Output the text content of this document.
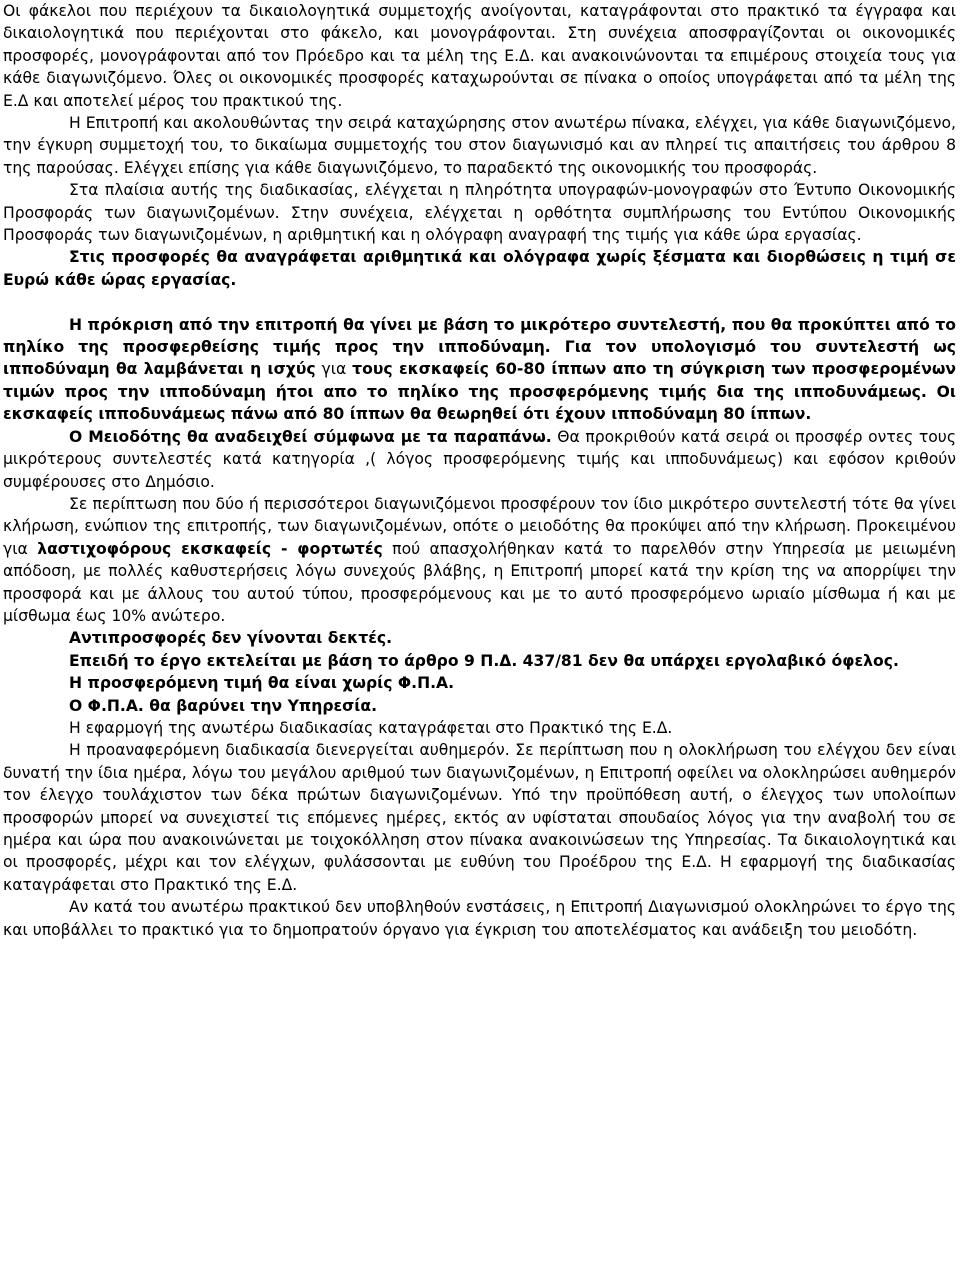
Οι φάκελοι που περιέχουν τα δικαιολογητικά συμμετοχής ανοίγονται, καταγράφονται στο πρακτικό τα έγγραφα και δικαιολογητικά που περιέχονται στο φάκελο, και μονογράφονται. Στη συνέχεια αποσφραγίζονται οι οικονομικές προσφορές, μονογράφονται από τον Πρόεδρο και τα μέλη της Ε.Δ. και ανακοινώνονται τα επιμέρους στοιχεία τους για κάθε διαγωνιζόμενο. Όλες οι οικονομικές προσφορές καταχωρούνται σε πίνακα ο οποίος υπογράφεται από τα μέλη της Ε.Δ και αποτελεί μέρος του πρακτικού της.

Η Επιτροπή και ακολουθώντας την σειρά καταχώρησης στον ανωτέρω πίνακα, ελέγχει, για κάθε διαγωνιζόμενο, την έγκυρη συμμετοχή του, το δικαίωμα συμμετοχής του στον διαγωνισμό και αν πληρεί τις απαιτήσεις του άρθρου 8 της παρούσας. Ελέγχει επίσης για κάθε διαγωνιζόμενο, το παραδεκτό της οικονομικής του προσφοράς.

Στα πλαίσια αυτής της διαδικασίας, ελέγχεται η πληρότητα υπογραφών-μονογραφών στο Έντυπο Οικονομικής Προσφοράς των διαγωνιζομένων. Στην συνέχεια, ελέγχεται η ορθότητα συμπλήρωσης του Εντύπου Οικονομικής Προσφοράς των διαγωνιζομένων, η αριθμητική και η ολόγραφη αναγραφή της τιμής για κάθε ώρα εργασίας.

Στις προσφορές θα αναγράφεται αριθμητικά και ολόγραφα χωρίς ξέσματα και διορθώσεις η τιμή σε Ευρώ κάθε ώρας εργασίας.

Η πρόκριση από την επιτροπή θα γίνει με βάση το μικρότερο συντελεστή, που θα προκύπτει από το πηλίκο της προσφερθείσης τιμής προς την ιπποδύναμη. Για τον υπολογισμό του συντελεστή ως ιπποδύναμη θα λαμβάνεται η ισχύς για τους εκσκαφείς 60-80 ίππων απο τη σύγκριση των προσφερομένων τιμών προς την ιπποδύναμη ήτοι απο το πηλίκο της προσφερόμενης τιμής δια της ιπποδυνάμεως. Οι εκσκαφείς ιπποδυνάμεως πάνω από 80 ίππων θα θεωρηθεί ότι έχουν ιπποδύναμη 80 ίππων.

Ο Μειοδότης θα αναδειχθεί σύμφωνα με τα παραπάνω. Θα προκριθούν κατά σειρά οι προσφέρ οντες τους μικρότερους συντελεστές κατά κατηγορία ,( λόγος προσφερόμενης τιμής και ιπποδυνάμεως) και εφόσον κριθούν συμφέρουσες στο Δημόσιο.

Σε περίπτωση που δύο ή περισσότεροι διαγωνιζόμενοι προσφέρουν τον ίδιο μικρότερο συντελεστή τότε θα γίνει κλήρωση, ενώπιον της επιτροπής, των διαγωνιζομένων, οπότε ο μειοδότης θα προκύψει από την κλήρωση. Προκειμένου για λαστιχοφόρους εκσκαφείς - φορτωτές πού απασχολήθηκαν κατά το παρελθόν στην Υπηρεσία με μειωμένη απόδοση, με πολλές καθυστερήσεις λόγω συνεχούς βλάβης, η Επιτροπή μπορεί κατά την κρίση της να απορρίψει την προσφορά και με άλλους του αυτού τύπου, προσφερόμενους και με το αυτό προσφερόμενο ωριαίο μίσθωμα ή και με μίσθωμα έως 10% ανώτερο.

Αντιπροσφορές δεν γίνονται δεκτές.

Επειδή το έργο εκτελείται με βάση το άρθρο 9 Π.Δ. 437/81 δεν θα υπάρχει εργολαβικό όφελος.

Η προσφερόμενη τιμή θα είναι χωρίς Φ.Π.Α.

Ο Φ.Π.Α. θα βαρύνει την Υπηρεσία.

Η εφαρμογή της ανωτέρω διαδικασίας καταγράφεται στο Πρακτικό της Ε.Δ.

Η προαναφερόμενη διαδικασία διενεργείται αυθημερόν. Σε περίπτωση που η ολοκλήρωση του ελέγχου δεν είναι δυνατή την ίδια ημέρα, λόγω του μεγάλου αριθμού των διαγωνιζομένων, η Επιτροπή οφείλει να ολοκληρώσει αυθημερόν τον έλεγχο τουλάχιστον των δέκα πρώτων διαγωνιζομένων. Υπό την προϋπόθεση αυτή, ο έλεγχος των υπολοίπων προσφορών μπορεί να συνεχιστεί τις επόμενες ημέρες, εκτός αν υφίσταται σπουδαίος λόγος για την αναβολή του σε ημέρα και ώρα που ανακοινώνεται με τοιχοκόλληση στον πίνακα ανακοινώσεων της Υπηρεσίας. Τα δικαιολογητικά και οι προσφορές, μέχρι και τον ελέγχων, φυλάσσονται με ευθύνη του Προέδρου της Ε.Δ. Η εφαρμογή της διαδικασίας καταγράφεται στο Πρακτικό της Ε.Δ.

Αν κατά του ανωτέρω πρακτικού δεν υποβληθούν ενστάσεις, η Επιτροπή Διαγωνισμού ολοκληρώνει το έργο της και υποβάλλει το πρακτικό για το δημοπρατούν όργανο για έγκριση του αποτελέσματος και ανάδειξη του μειοδότη.
